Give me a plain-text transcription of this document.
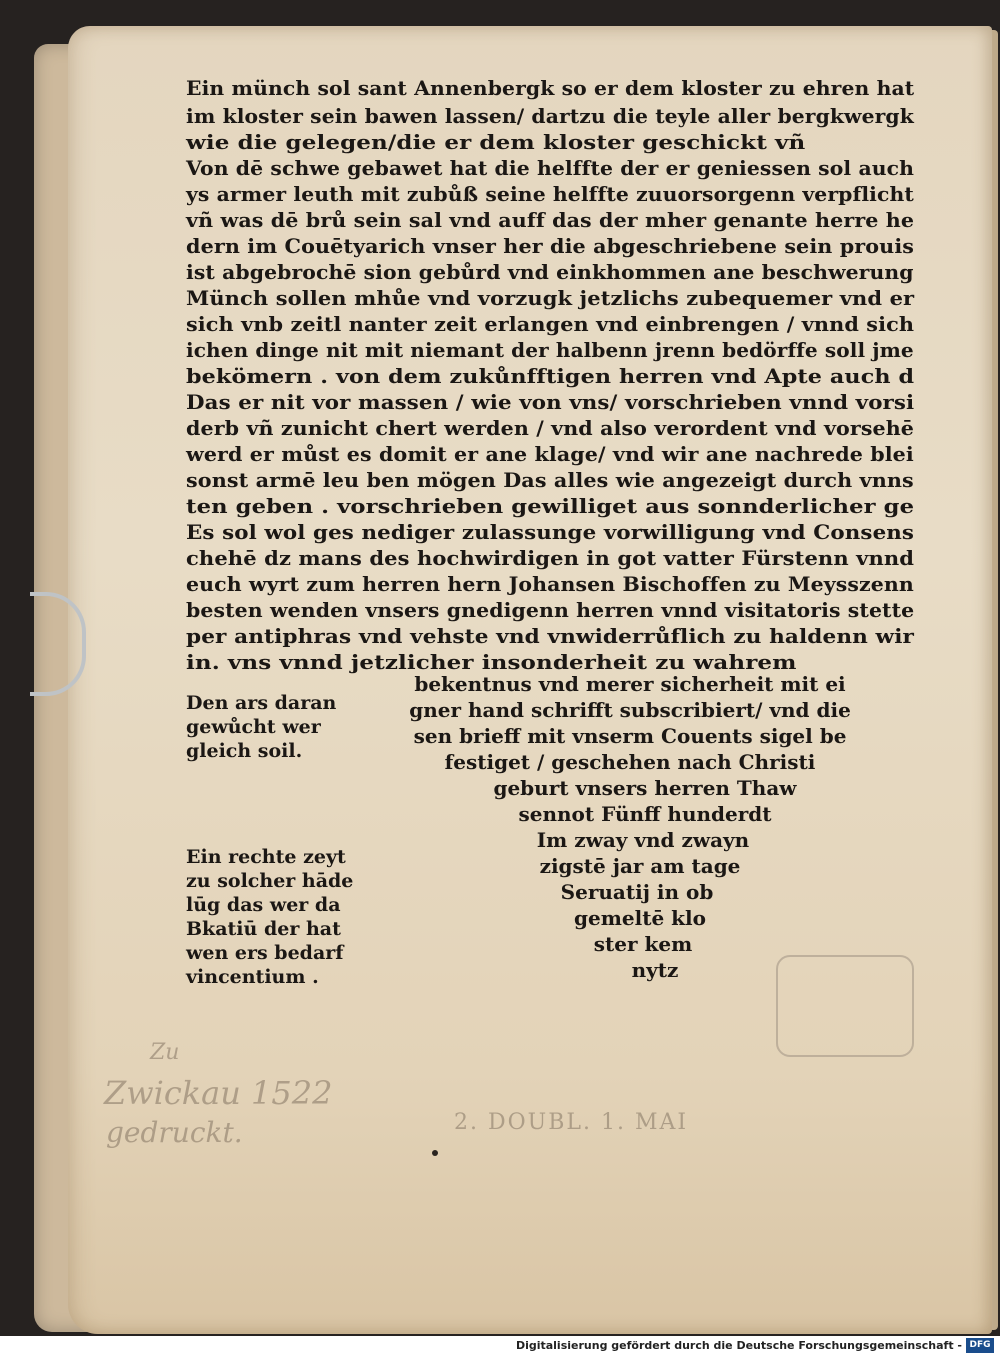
Ein münch sol sant Annenbergk so er dem kloster zu ehren hat
im kloster sein bawen lassen/ dartzu die teyle aller bergkwergk
wie die gelegen/die er dem kloster geschickt vñ
Von dē schwe gebawet hat die helffte der er geniessen sol auch
ys armer leuth mit zubůß seine helffte zuuorsorgenn verpflicht
vñ was dē brů sein sal vnd auff das der mher genante herre he
dern im Couētyarich vnser her die abgeschriebene sein prouis
ist abgebrochē sion gebůrd vnd einkhommen ane beschwerung
Münch sollen mhůe vnd vorzugk jetzlichs zubequemer vnd er
sich vnb zeitl nanter zeit erlangen vnd einbrengen / vnnd sich
ichen dinge nit mit niemant der halbenn jrenn bedörffe soll jme
bekömern . von dem zukůnfftigen herren vnd Apte auch d
Das er nit vor massen / wie von vns/ vorschrieben vnnd vorsi
derb vñ zunicht chert werden / vnd also verordent vnd vorsehē
werd er můst es domit er ane klage/ vnd wir ane nachrede blei
sonst armē leu ben mögen Das alles wie angezeigt durch vnns
ten geben . vorschrieben gewilliget aus sonnderlicher ge
Es sol wol ges nediger zulassunge vorwilligung vnd Consens
chehē dz mans des hochwirdigen in got vatter Fürstenn vnnd
euch wyrt zum herren hern Johansen Bischoffen zu Meysszenn
besten wenden vnsers gnedigenn herren vnnd visitatoris stette
per antiphras vnd vehste vnd vnwiderrůflich zu haldenn wir
in. vns vnnd jetzlicher insonderheit zu wahrem
bekentnus vnd merer sicherheit mit ei
gner hand schrifft subscribiert/ vnd die
sen brieff mit vnserm Couents sigel be
festiget / geschehen nach Christi
geburt vnsers herren Thaw
sennot Fünff hunderdt
Im zway vnd zwayn
zigstē jar am tage
Seruatij in ob
gemeltē klo
ster kem
nytz
Den ars daran
gewůcht wer
gleich soil.
Ein rechte zeyt
zu solcher hāde
lūg das wer da
Bkatiū der hat
wen ers bedarf
vincentium .
Zu
Zwickau 1522
gedruckt.	2. DOUBL. 1. MAI
Digitalisierung gefördert durch die Deutsche Forschungsgemeinschaft - DFG
